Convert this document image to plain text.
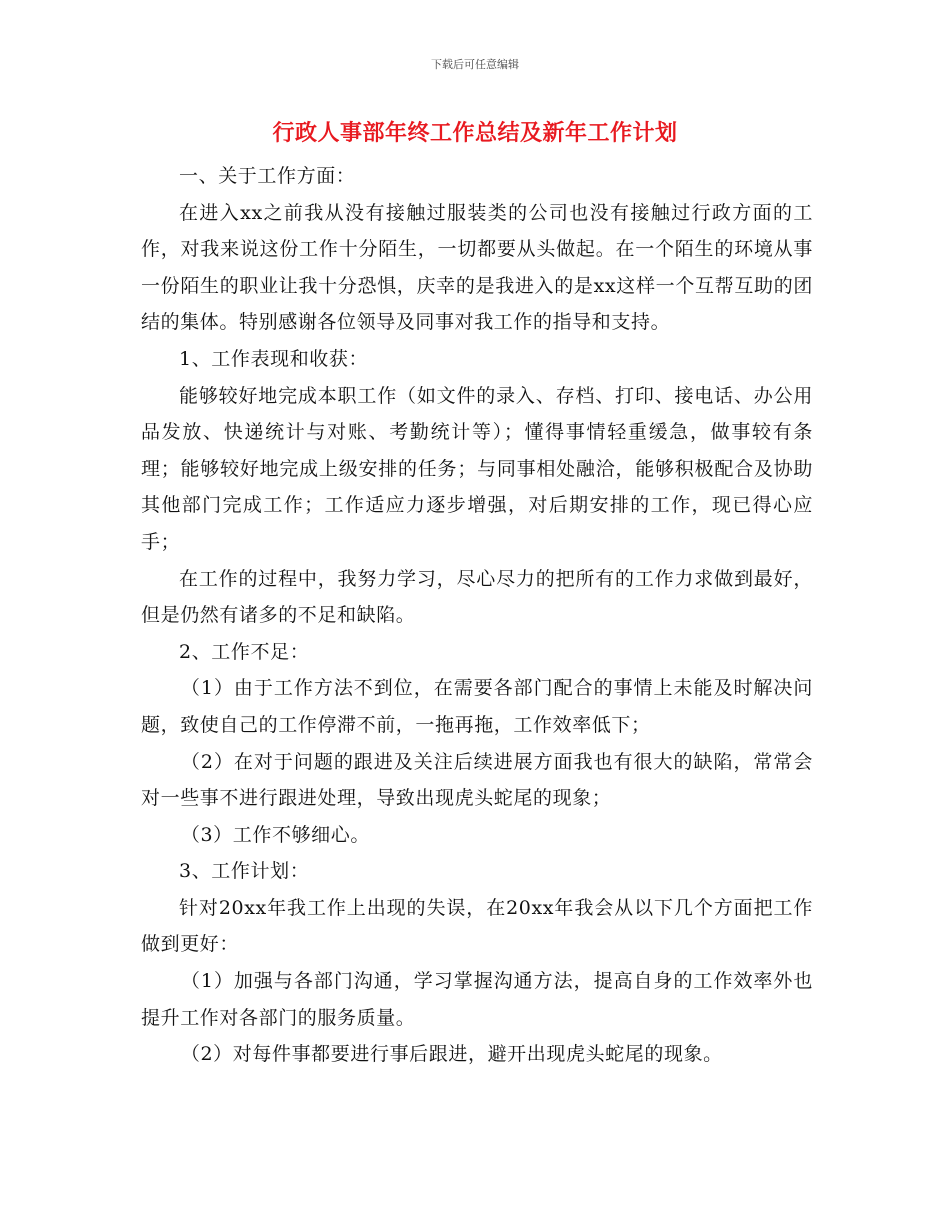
下载后可任意编辑
行政人事部年终工作总结及新年工作计划

一、关于工作方面：

在进入xx之前我从没有接触过服装类的公司也没有接触过行政方面的工作，对我来说这份工作十分陌生，一切都要从头做起。在一个陌生的环境从事一份陌生的职业让我十分恐惧，庆幸的是我进入的是xx这样一个互帮互助的团结的集体。特别感谢各位领导及同事对我工作的指导和支持。

1、工作表现和收获：

能够较好地完成本职工作（如文件的录入、存档、打印、接电话、办公用品发放、快递统计与对账、考勤统计等）；懂得事情轻重缓急，做事较有条理；能够较好地完成上级安排的任务；与同事相处融洽，能够积极配合及协助其他部门完成工作；工作适应力逐步增强，对后期安排的工作，现已得心应手；

在工作的过程中，我努力学习，尽心尽力的把所有的工作力求做到最好，但是仍然有诸多的不足和缺陷。

2、工作不足：

（1）由于工作方法不到位，在需要各部门配合的事情上未能及时解决问题，致使自己的工作停滞不前，一拖再拖，工作效率低下；

（2）在对于问题的跟进及关注后续进展方面我也有很大的缺陷，常常会对一些事不进行跟进处理，导致出现虎头蛇尾的现象；

（3）工作不够细心。

3、工作计划：

针对20xx年我工作上出现的失误，在20xx年我会从以下几个方面把工作做到更好：

（1）加强与各部门沟通，学习掌握沟通方法，提高自身的工作效率外也提升工作对各部门的服务质量。

（2）对每件事都要进行事后跟进，避开出现虎头蛇尾的现象。
